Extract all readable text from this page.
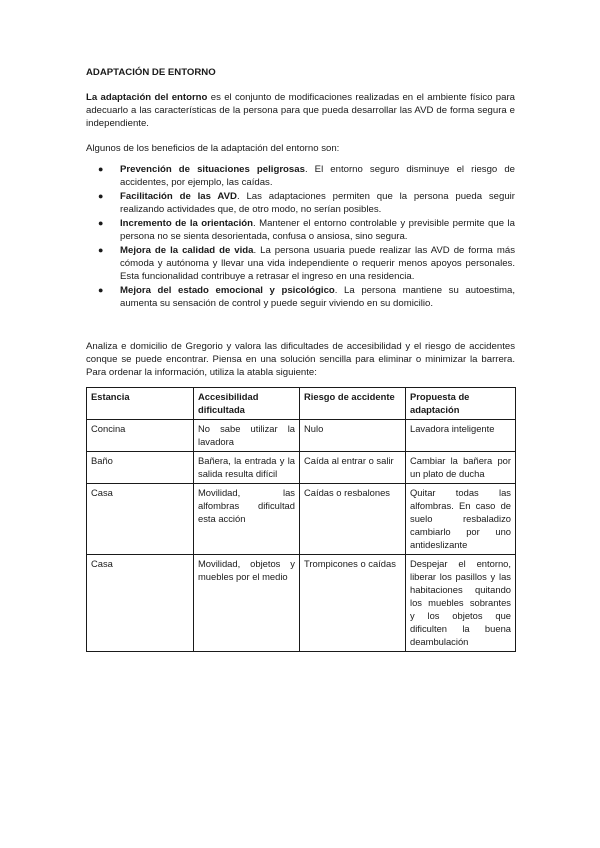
ADAPTACIÓN DE ENTORNO

La adaptación del entorno es el conjunto de modificaciones realizadas en el ambiente físico para adecuarlo a las características de la persona para que pueda desarrollar las AVD de forma segura e independiente.

Algunos de los beneficios de la adaptación del entorno son:

● Prevención de situaciones peligrosas. El entorno seguro disminuye el riesgo de accidentes, por ejemplo, las caídas.
● Facilitación de las AVD. Las adaptaciones permiten que la persona pueda seguir realizando actividades que, de otro modo, no serían posibles.
● Incremento de la orientación. Mantener el entorno controlable y previsible permite que la persona no se sienta desorientada, confusa o ansiosa, sino segura.
● Mejora de la calidad de vida. La persona usuaria puede realizar las AVD de forma más cómoda y autónoma y llevar una vida independiente o requerir menos apoyos personales. Esta funcionalidad contribuye a retrasar el ingreso en una residencia.
● Mejora del estado emocional y psicológico. La persona mantiene su autoestima, aumenta su sensación de control y puede seguir viviendo en su domicilio.

Analiza e domicilio de Gregorio y valora las dificultades de accesibilidad y el riesgo de accidentes conque se puede encontrar. Piensa en una solución sencilla para eliminar o minimizar la barrera. Para ordenar la información, utiliza la atabla siguiente:

Estancia	Accesibilidad dificultada	Riesgo de accidente	Propuesta de adaptación
Concina	No sabe utilizar la lavadora	Nulo	Lavadora inteligente
Baño	Bañera, la entrada y la salida resulta difícil	Caída al entrar o salir	Cambiar la bañera por un plato de ducha
Casa	Movilidad, las alfombras dificultad esta acción	Caídas o resbalones	Quitar todas las alfombras. En caso de suelo resbaladizo cambiarlo por uno antideslizante
Casa	Movilidad, objetos y muebles por el medio	Trompicones o caídas	Despejar el entorno, liberar los pasillos y las habitaciones quitando los muebles sobrantes y los objetos que dificulten la buena deambulación
